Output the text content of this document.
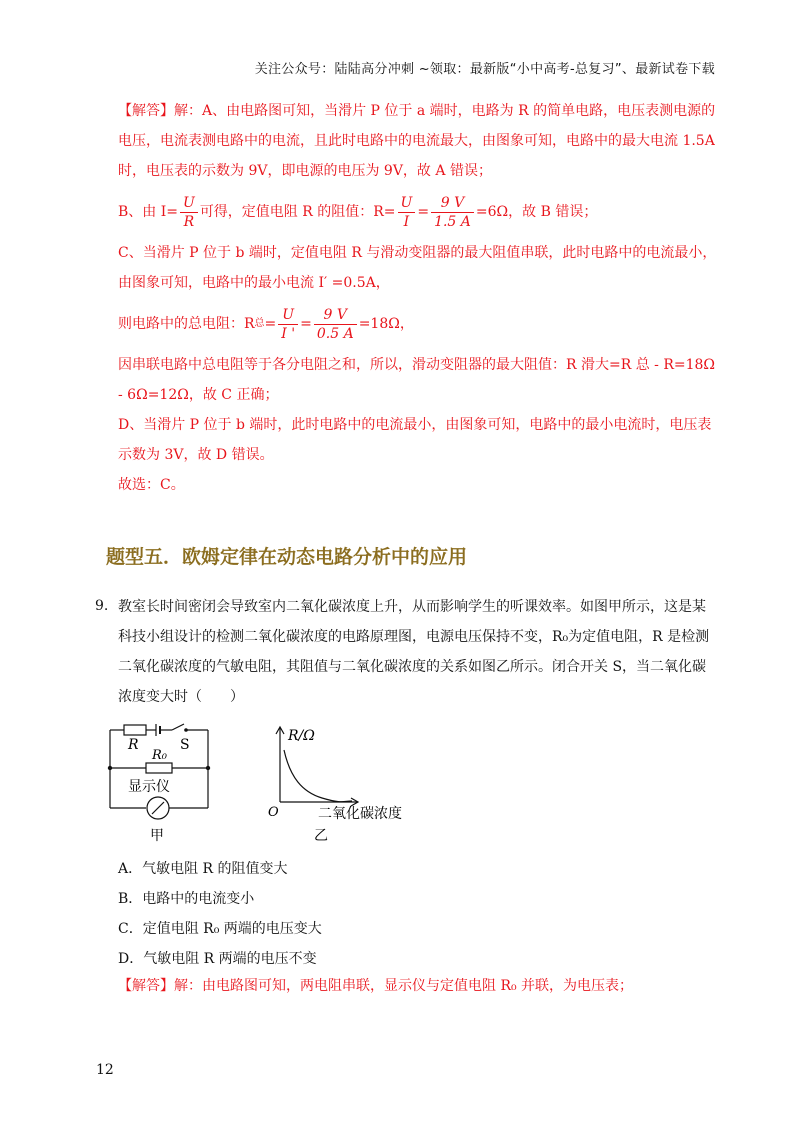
关注公众号：陆陆高分冲刺 ~领取：最新版“小中高考-总复习”、最新试卷下载
【解答】解：A、由电路图可知，当滑片 P 位于 a 端时，电路为 R 的简单电路，电压表测电源的电压，电流表测电路中的电流，且此时电路中的电流最大，由图象可知，电路中的最大电流 1.5A 时，电压表的示数为 9V，即电源的电压为 9V，故 A 错误；
B、由 $I= \frac{U}{R}$ 可得，定值电阻 R 的阻值：$R= \frac{U}{I} = \frac{9 V}{1.5 A} =6\Omega$，故 B 错误；
C、当滑片 P 位于 b 端时，定值电阻 R 与滑动变阻器的最大阻值串联，此时电路中的电流最小，由图象可知，电路中的最小电流 I′ =0.5A，
则电路中的总电阻：R 总 = $\frac{U}{I '} = \frac{9 V}{0.5 A} =18\Omega$，
因串联电路中总电阻等于各分电阻之和，所以，滑动变阻器的最大阻值：R 滑大=R 总 - R=18Ω - 6Ω=12Ω，故 C 正确；
D、当滑片 P 位于 b 端时，此时电路中的电流最小，由图象可知，电路中的最小电流时，电压表示数为 3V，故 D 错误。
故选：C。
题型五．欧姆定律在动态电路分析中的应用
9. 教室长时间密闭会导致室内二氧化碳浓度上升，从而影响学生的听课效率。如图甲所示，这是某科技小组设计的检测二氧化碳浓度的电路原理图，电源电压保持不变，R₀为定值电阻，R 是检测二氧化碳浓度的气敏电阻，其阻值与二氧化碳浓度的关系如图乙所示。闭合开关 S，当二氧化碳浓度变大时（　　）
R	S
R₀
显示仪
甲
R/Ω
O	二氧化碳浓度
乙
A．气敏电阻 R 的阻值变大
B．电路中的电流变小
C．定值电阻 R₀ 两端的电压变大
D．气敏电阻 R 两端的电压不变
【解答】解：由电路图可知，两电阻串联，显示仪与定值电阻 R₀ 并联，为电压表；
12
